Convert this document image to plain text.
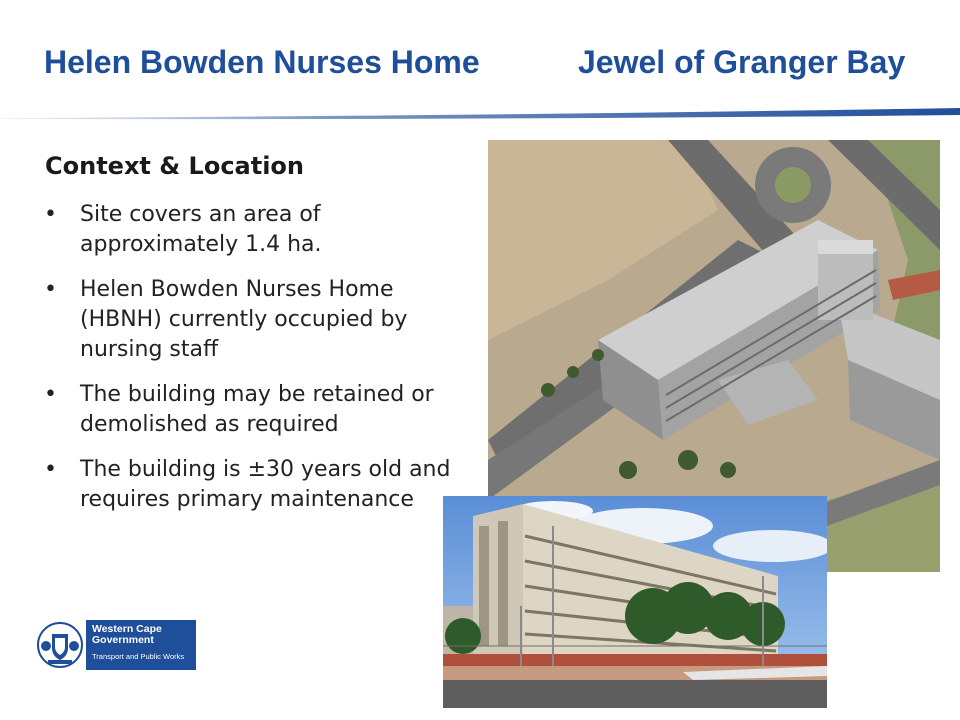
Helen Bowden Nurses Home	Jewel of Granger Bay
Context & Location
• Site covers an area of approximately 1.4 ha.
• Helen Bowden Nurses Home (HBNH) currently occupied by nursing staff
• The building may be retained or demolished as required
• The building is ±30 years old and requires primary maintenance
Western Cape
Government
Transport and Public Works
